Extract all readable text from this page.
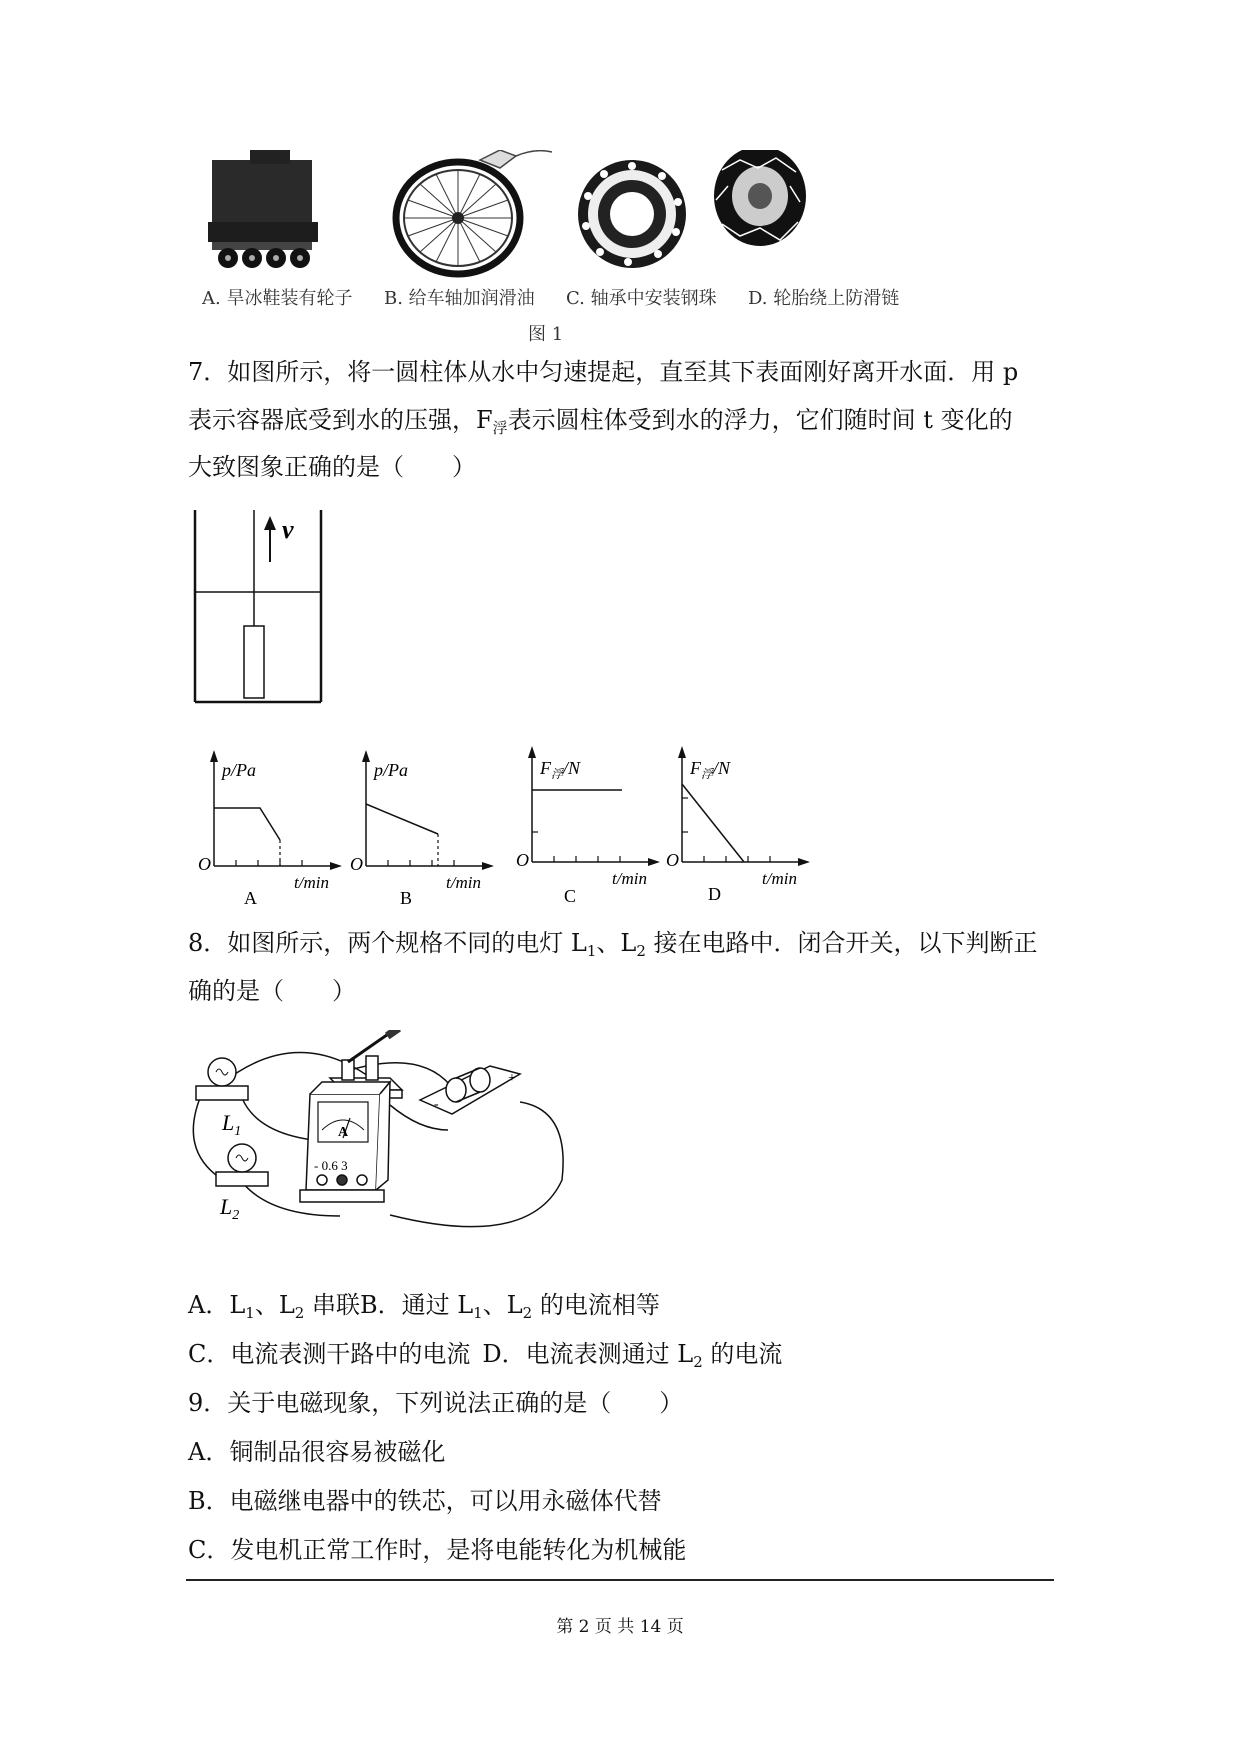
A. 旱冰鞋装有轮子 B. 给车轴加润滑油 C. 轴承中安装钢珠 D. 轮胎绕上防滑链
图 1
7．如图所示，将一圆柱体从水中匀速提起，直至其下表面刚好离开水面．用 p
表示容器底受到水的压强，$F_浮$表示圆柱体受到水的浮力，它们随时间 t 变化的
大致图象正确的是（　　）
v
p/Pa
O
t/min
A
p/Pa
O
t/min
B
$F_浮/N$
O
t/min
C
$F_浮/N$
O
t/min
D
8．如图所示，两个规格不同的电灯 $L_1$、$L_2$ 接在电路中．闭合开关，以下判断正
确的是（　　）
$L_1$
$L_2$
-
+
A
- 0.6 3
A．$L_1$、$L_2$ 串联B．通过 $L_1$、$L_2$ 的电流相等
C．电流表测干路中的电流  D．电流表测通过 $L_2$ 的电流
9．关于电磁现象，下列说法正确的是（　　）
A．铜制品很容易被磁化
B．电磁继电器中的铁芯，可以用永磁体代替
C．发电机正常工作时，是将电能转化为机械能
第 2 页 共 14 页
